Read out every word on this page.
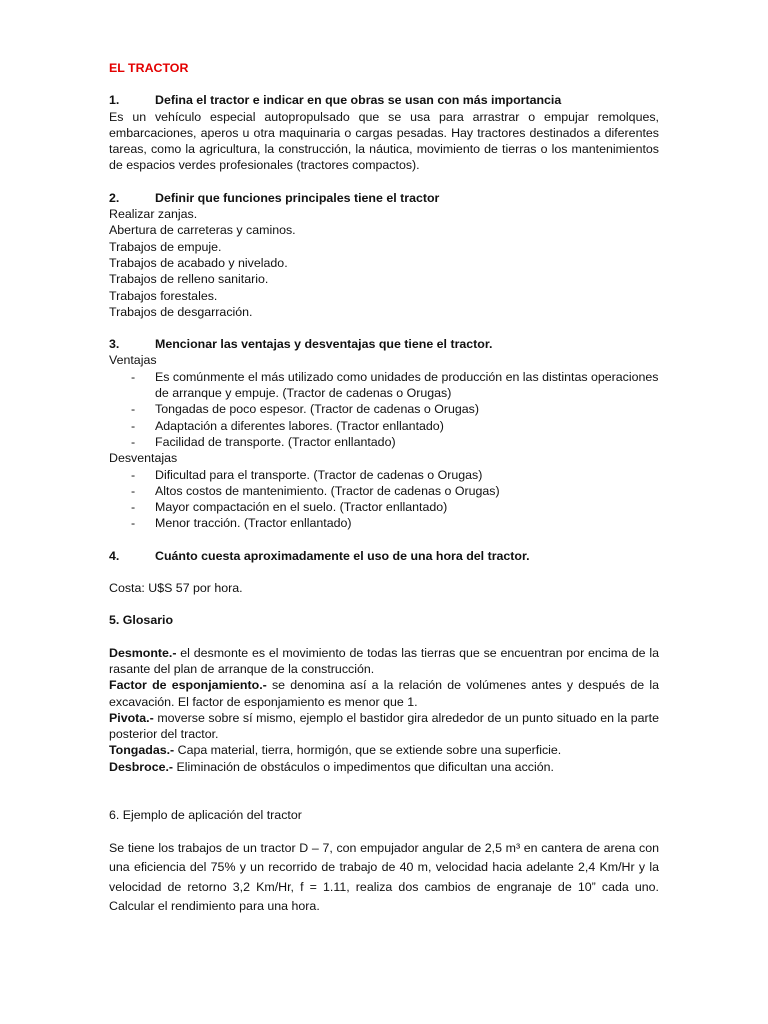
EL TRACTOR
1.	Defina el tractor e indicar en que obras se usan con más importancia
Es un vehículo especial autopropulsado que se usa para arrastrar o empujar remolques, embarcaciones, aperos u otra maquinaria o cargas pesadas. Hay tractores destinados a diferentes tareas, como la agricultura, la construcción, la náutica, movimiento de tierras o los mantenimientos de espacios verdes profesionales (tractores compactos).
2.	Definir que funciones principales tiene el tractor
Realizar zanjas.
Abertura de carreteras y caminos.
Trabajos de empuje.
Trabajos de acabado y nivelado.
Trabajos de relleno sanitario.
Trabajos forestales.
Trabajos de desgarración.
3.	Mencionar las ventajas y desventajas que tiene el tractor.
Ventajas
-	Es comúnmente el más utilizado como unidades de producción en las distintas operaciones de arranque y empuje. (Tractor de cadenas o Orugas)
-	Tongadas de poco espesor. (Tractor de cadenas o Orugas)
-	Adaptación a diferentes labores. (Tractor enllantado)
-	Facilidad de transporte. (Tractor enllantado)
Desventajas
-	Dificultad para el transporte. (Tractor de cadenas o Orugas)
-	Altos costos de mantenimiento. (Tractor de cadenas o Orugas)
-	Mayor compactación en el suelo. (Tractor enllantado)
-	Menor tracción. (Tractor enllantado)
4.	Cuánto cuesta aproximadamente el uso de una hora del tractor.
Costa: U$S 57 por hora.
5. Glosario
Desmonte.- el desmonte es el movimiento de todas las tierras que se encuentran por encima de la rasante del plan de arranque de la construcción.
Factor de esponjamiento.- se denomina así a la relación de volúmenes antes y después de la excavación. El factor de esponjamiento es menor que 1.
Pivota.- moverse sobre sí mismo, ejemplo el bastidor gira alrededor de un punto situado en la parte posterior del tractor.
Tongadas.- Capa material, tierra, hormigón, que se extiende sobre una superficie.
Desbroce.- Eliminación de obstáculos o impedimentos que dificultan una acción.
6. Ejemplo de aplicación del tractor
Se tiene los trabajos de un tractor D – 7, con empujador angular de 2,5 m³ en cantera de arena con una eficiencia del 75% y un recorrido de trabajo de 40 m, velocidad hacia adelante 2,4 Km/Hr y la velocidad de retorno 3,2 Km/Hr, f = 1.11, realiza dos cambios de engranaje de 10” cada uno. Calcular el rendimiento para una hora.
